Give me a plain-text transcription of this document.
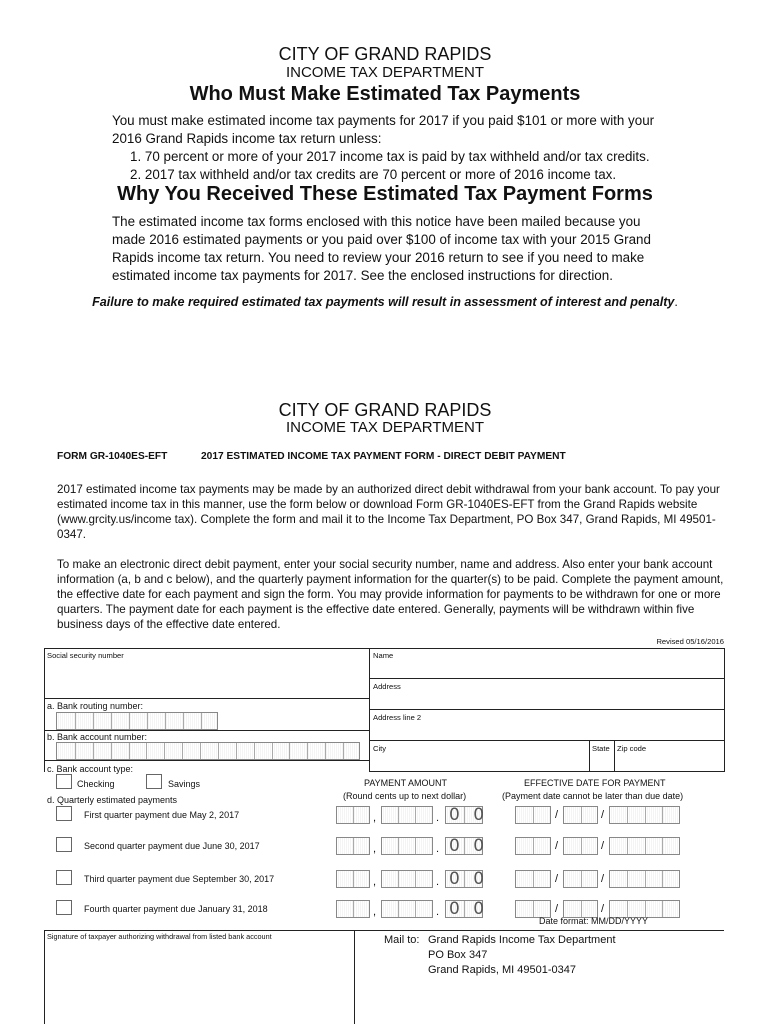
CITY OF GRAND RAPIDS
INCOME TAX DEPARTMENT
Who Must Make Estimated Tax Payments
You must make estimated income tax payments for 2017 if you paid $101 or more with your
2016 Grand Rapids income tax return unless:
1. 70 percent or more of your 2017 income tax is paid by tax withheld and/or tax credits.
2. 2017 tax withheld and/or tax credits are 70 percent or more of 2016 income tax.
Why You Received These Estimated Tax Payment Forms
The estimated income tax forms enclosed with this notice have been mailed because you
made 2016 estimated payments or you paid over $100 of income tax with your 2015 Grand
Rapids income tax return. You need to review your 2016 return to see if you need to make
estimated income tax payments for 2017. See the enclosed instructions for direction.
Failure to make required estimated tax payments will result in assessment of interest and penalty.
CITY OF GRAND RAPIDS
INCOME TAX DEPARTMENT
FORM GR-1040ES-EFT	2017 ESTIMATED INCOME TAX PAYMENT FORM - DIRECT DEBIT PAYMENT
2017 estimated income tax payments may be made by an authorized direct debit withdrawal from your bank account. To pay your
estimated income tax in this manner, use the form below or download Form GR-1040ES-EFT from the Grand Rapids website
(www.grcity.us/income tax). Complete the form and mail it to the Income Tax Department, PO Box 347, Grand Rapids, MI 49501-
0347.
To make an electronic direct debit payment, enter your social security number, name and address. Also enter your bank account
information (a, b and c below), and the quarterly payment information for the quarter(s) to be paid. Complete the payment amount,
the effective date for each payment and sign the form. You may provide information for payments to be withdrawn for one or more
quarters. The payment date for each payment is the effective date entered. Generally, payments will be withdrawn within five
business days of the effective date entered.
Revised 05/16/2016
Social security number	Name
Address
Address line 2
City	State Zip code
a. Bank routing number:
b. Bank account number:
c. Bank account type:
Checking	Savings
d. Quarterly estimated payments
PAYMENT AMOUNT
(Round cents up to next dollar)
EFFECTIVE DATE FOR PAYMENT
(Payment date cannot be later than due date)
First quarter payment due May 2, 2017	,	. 0 0	/	/
Second quarter payment due June 30, 2017	,	. 0 0	/	/
Third quarter payment due September 30, 2017	,	. 0 0	/	/
Fourth quarter payment due January 31, 2018	,	. 0 0	/	/
Date format: MM/DD/YYYY
Signature of taxpayer authorizing withdrawal from listed bank account	Mail to: Grand Rapids Income Tax Department
PO Box 347
Grand Rapids, MI 49501-0347
